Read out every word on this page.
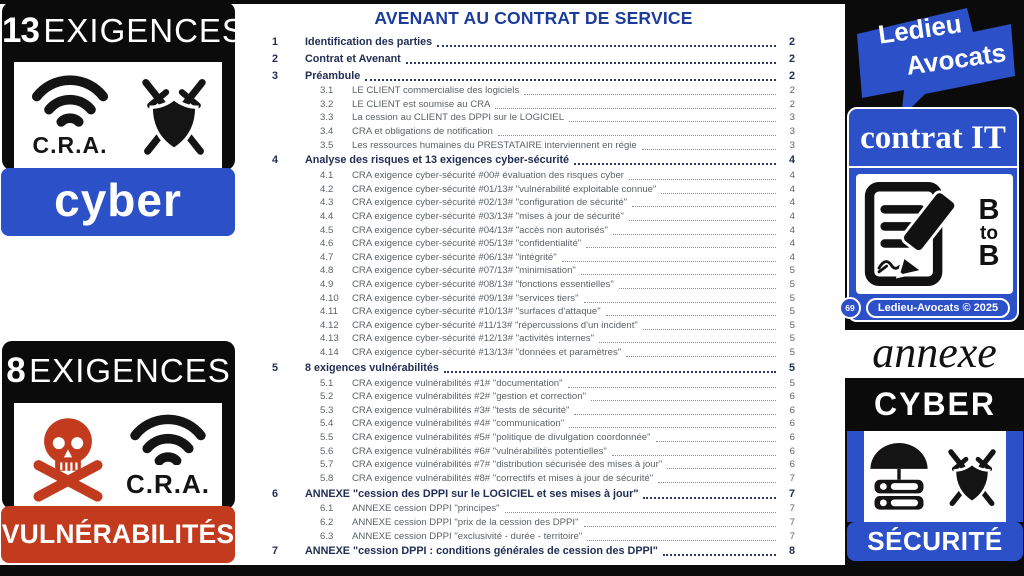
AVENANT AU CONTRAT DE SERVICE
1	Identification des parties	2
2	Contrat et Avenant	2
3	Préambule	2
3.1	LE CLIENT commercialise des logiciels	2
3.2	LE CLIENT est soumise au CRA	2
3.3	La cession au CLIENT des DPPI sur le LOGICIEL	3
3.4	CRA et obligations de notification	3
3.5	Les ressources humaines du PRESTATAIRE interviennent en régie	3
4	Analyse des risques et 13 exigences cyber-sécurité	4
4.1	CRA exigence cyber-sécurité #00# évaluation des risques cyber	4
4.2	CRA exigence cyber-sécurité #01/13# "vulnérabilité exploitable connue"	4
4.3	CRA exigence cyber-sécurité #02/13# "configuration de sécurité"	4
4.4	CRA exigence cyber-sécurité #03/13# "mises à jour de sécurité"	4
4.5	CRA exigence cyber-sécurité #04/13# "accès non autorisés"	4
4.6	CRA exigence cyber-sécurité #05/13# "confidentialité"	4
4.7	CRA exigence cyber-sécurité #06/13# "intégrité"	4
4.8	CRA exigence cyber-sécurité #07/13# "minimisation"	5
4.9	CRA exigence cyber-sécurité #08/13# "fonctions essentielles"	5
4.10	CRA exigence cyber-sécurité #09/13# "services tiers"	5
4.11	CRA exigence cyber-sécurité #10/13# "surfaces d'attaque"	5
4.12	CRA exigence cyber-sécurité #11/13# "répercussions d'un incident"	5
4.13	CRA exigence cyber-sécurité #12/13# "activités internes"	5
4.14	CRA exigence cyber-sécurité #13/13# "données et paramètres"	5
5	8 exigences vulnérabilités	5
5.1	CRA exigence vulnérabilités #1# "documentation"	5
5.2	CRA exigence vulnérabilités #2# "gestion et correction"	6
5.3	CRA exigence vulnérabilités #3# "tests de sécurité"	6
5.4	CRA exigence vulnérabilités #4# "communication"	6
5.5	CRA exigence vulnérabilités #5# "politique de divulgation coordonnée"	6
5.6	CRA exigence vulnérabilités #6# "vulnérabilités potentielles"	6
5.7	CRA exigence vulnérabilités #7# "distribution sécurisée des mises à jour"	6
5.8	CRA exigence vulnérabilités #8# "correctifs et mises à jour de sécurité"	7
6	ANNEXE "cession des DPPI sur le LOGICIEL et ses mises à jour"	7
6.1	ANNEXE cession DPPI "principes"	7
6.2	ANNEXE cession DPPI "prix de la cession des DPPI"	7
6.3	ANNEXE cession DPPI "exclusivité - durée - territoire"	7
7	ANNEXE "cession DPPI : conditions générales de cession des DPPI"	8
13 EXIGENCES
C.R.A.
cyber
8 EXIGENCES
C.R.A.
VULNÉRABILITÉS
Ledieu
Avocats
contrat IT
B
to
B
69	Ledieu-Avocats © 2025
annexe
CYBER
SÉCURITÉ
